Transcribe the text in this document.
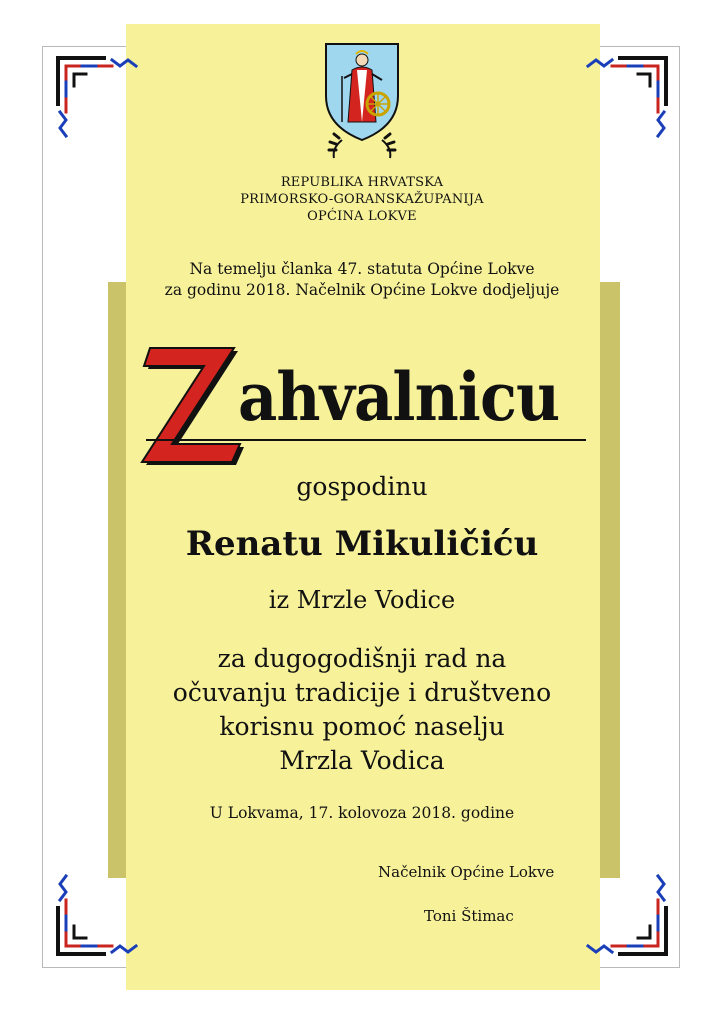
REPUBLIKA HRVATSKA
PRIMORSKO-GORANSKAŽUPANIJA
OPĆINA LOKVE
Na temelju članka 47. statuta Općine Lokve
za godinu 2018. Načelnik Općine Lokve dodjeljuje
Z
ahvalnicu
gospodinu
Renatu Mikuličiću
iz Mrzle Vodice
za dugogodišnji rad na
očuvanju tradicije i društveno
korisnu pomoć naselju
Mrzla Vodica
U Lokvama, 17. kolovoza 2018. godine
Načelnik Općine Lokve
Toni Štimac
